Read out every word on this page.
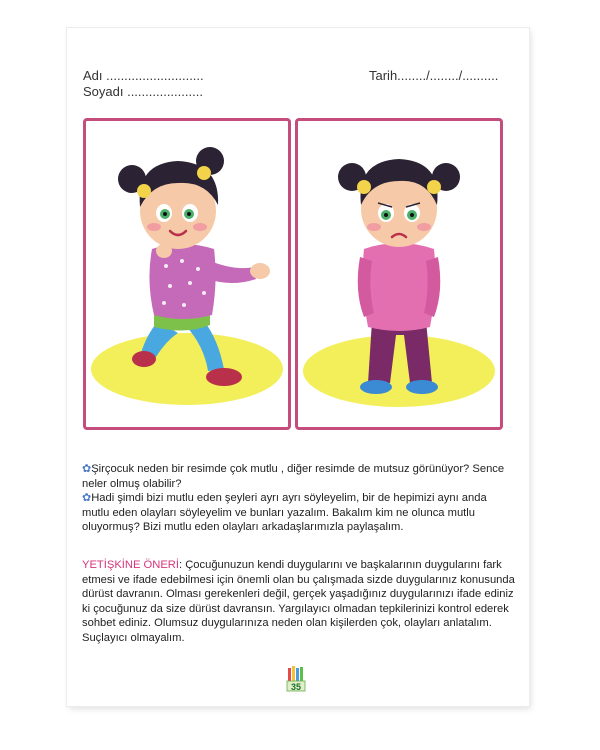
Adı ...........................
Soyadı .....................
Tarih......../......../..........

✿Şirçocuk neden bir resimde çok mutlu , diğer resimde de mutsuz görünüyor? Sence neler olmuş olabilir?

✿Hadi şimdi bizi mutlu eden şeyleri ayrı ayrı söyleyelim, bir de hepimizi aynı anda mutlu eden olayları söyleyelim ve bunları yazalım. Bakalım kim ne olunca mutlu oluyormuş? Bizi mutlu eden olayları arkadaşlarımızla paylaşalım.

YETİŞKİNE ÖNERİ: Çocuğunuzun kendi duygularını ve başkalarının duygularını fark etmesi ve ifade edebilmesi için önemli olan bu çalışmada sizde duygularınız konusunda dürüst davranın. Olması gerekenleri değil, gerçek yaşadığınız duygularınızı ifade ediniz ki çocuğunuz da size dürüst davransın. Yargılayıcı olmadan tepkilerinizi kontrol ederek sohbet ediniz. Olumsuz duygularınıza neden olan kişilerden çok, olayları anlatalım. Suçlayıcı olmayalım.

35
